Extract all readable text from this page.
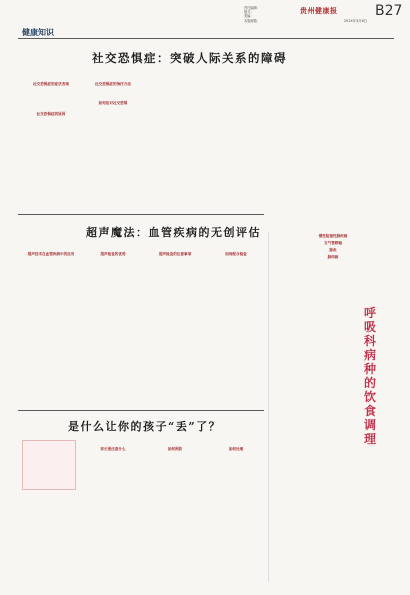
责任编辑：
版式：
美编：
本版邮箱：
贵州健康报	B27
2024年3月8日
健康知识
社交恐惧症：突破人际关系的障碍
社交恐惧症的症状表现

社交恐惧症的原因

社交恐惧症的治疗方法

如何应对社交恐惧
超声魔法：血管疾病的无创评估
超声技术在血管疾病中的应用	超声检查的优势	超声检查的注意事项	如何配合检查
慢性阻塞性肺疾病
支气管哮喘
肺炎
肺结核
呼吸科病种的饮食调理
是什么让你的孩子“丢”了？
家长要注意什么	如何预防	如何处理
